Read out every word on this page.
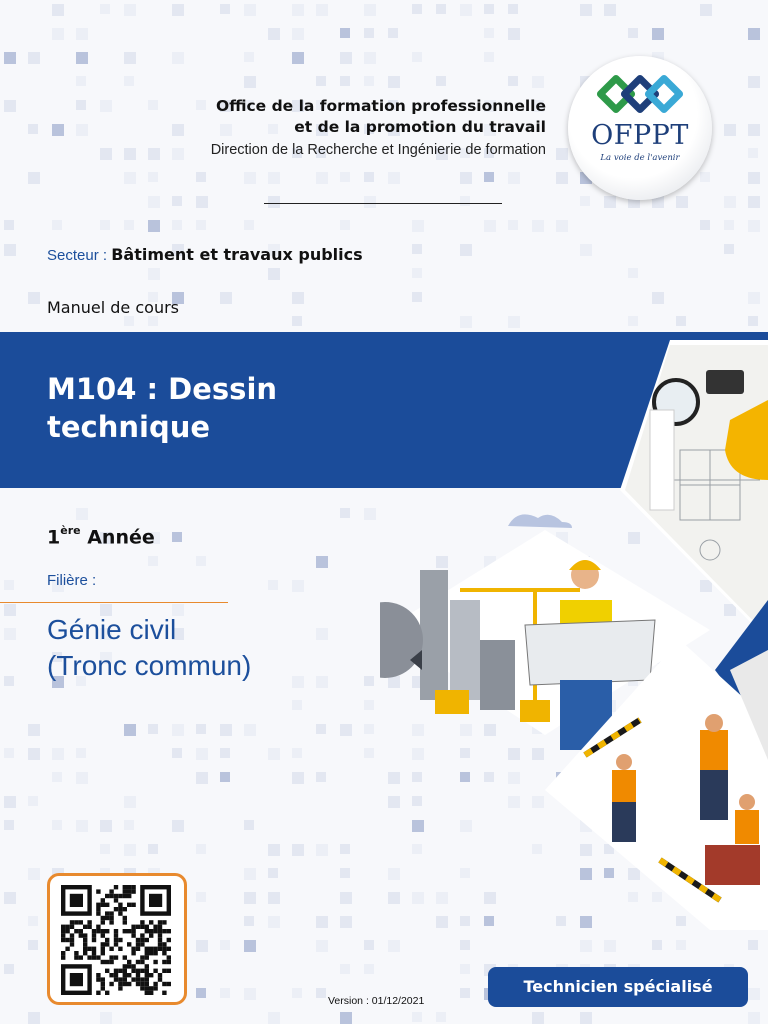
Office de la formation professionnelle
et de la promotion du travail
Direction de la Recherche et Ingénierie de formation	OFPPT
La voie de l'avenir
Secteur : Bâtiment et travaux publics
Manuel de cours
M104 : Dessin technique
1ère Année
Filière :
Génie civil
(Tronc commun)
Version : 01/12/2021
Technicien spécialisé
